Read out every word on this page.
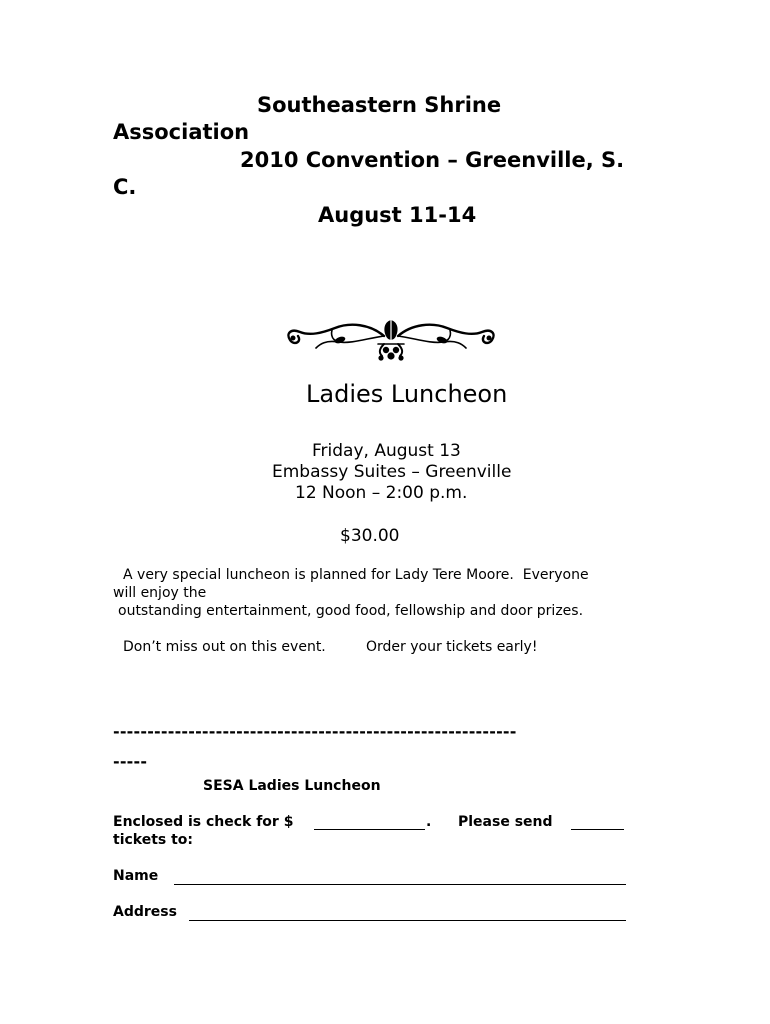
Southeastern Shrine
Association
2010 Convention – Greenville, S.
C.
August 11-14

Ladies Luncheon
Friday, August 13
Embassy Suites – Greenville
12 Noon – 2:00 p.m.
$30.00
A very special luncheon is planned for Lady Tere Moore.  Everyone
will enjoy the
outstanding entertainment, good food, fellowship and door prizes.
Don’t miss out on this event.	Order your tickets early!
-----------------------------------------------------------
-----
SESA Ladies Luncheon
Enclosed is check for $	. Please send
tickets to:
Name
Address
